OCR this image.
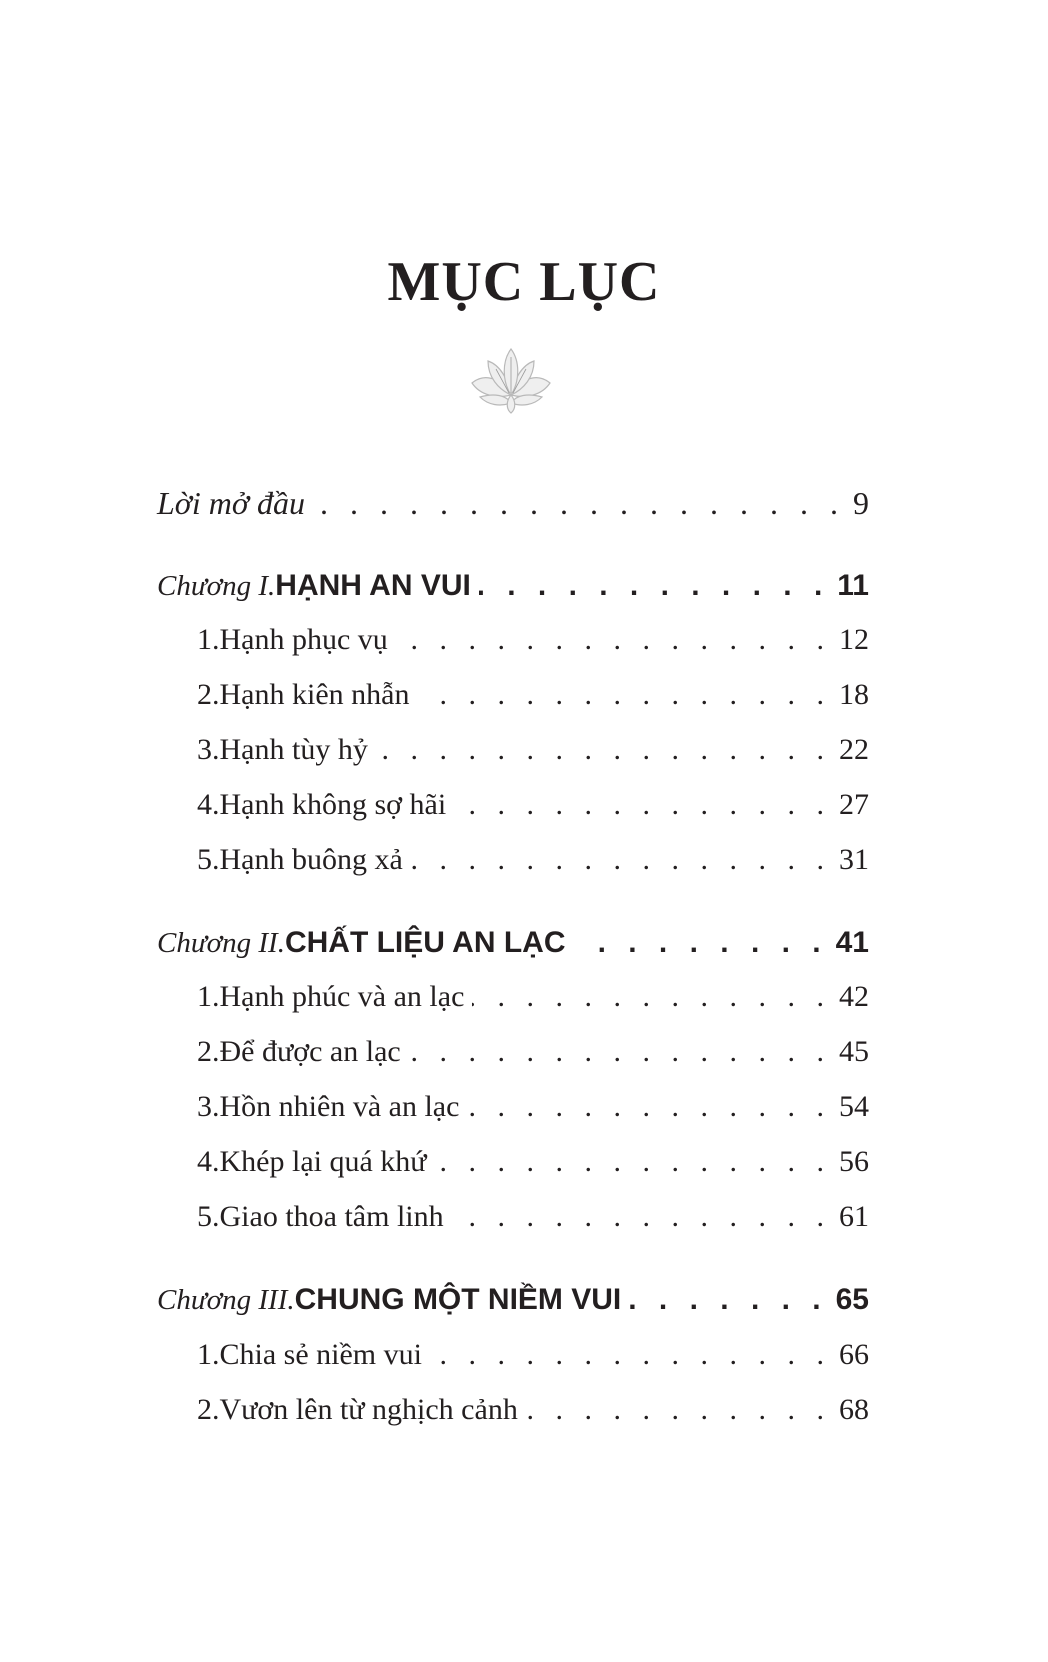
MỤC LỤC
Lời mở đầu . . .	9
Chương I. HẠNH AN VUI . . .	11
1. Hạnh phục vụ . . .	12
2. Hạnh kiên nhẫn . . .	18
3. Hạnh tùy hỷ . . .	22
4. Hạnh không sợ hãi . . .	27
5. Hạnh buông xả . . .	31
Chương II. CHẤT LIỆU AN LẠC . . .	41
1. Hạnh phúc và an lạc . . .	42
2. Để được an lạc . . .	45
3. Hồn nhiên và an lạc . . .	54
4. Khép lại quá khứ . . .	56
5. Giao thoa tâm linh . . .	61
Chương III. CHUNG MỘT NIỀM VUI . . .	65
1. Chia sẻ niềm vui . . .	66
2. Vươn lên từ nghịch cảnh . . .	68
